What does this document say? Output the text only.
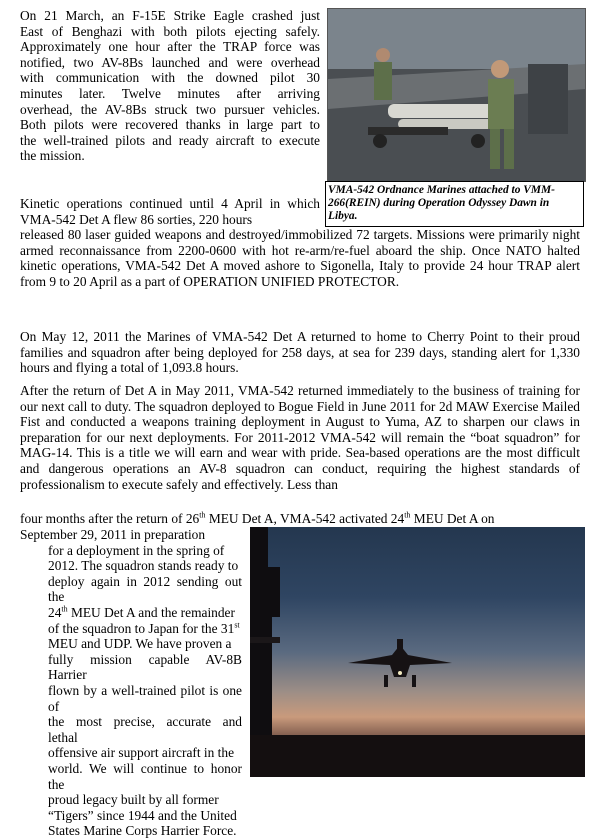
On 21 March, an F-15E Strike Eagle crashed just
East of Benghazi with both pilots ejecting safely.
Approximately one hour after the TRAP force was
notified, two AV-8Bs launched and were overhead
with communication with the downed pilot 30
minutes later. Twelve minutes after arriving
overhead, the AV-8Bs struck two pursuer vehicles.
Both pilots were recovered thanks in large part to
the well-trained pilots and ready aircraft to execute
the mission.
VMA-542 Ordnance Marines attached to VMM-266(REIN) during Operation Odyssey Dawn in Libya.
Kinetic operations continued until 4 April in which
VMA-542 Det A flew 86 sorties, 220 hours

released 80 laser guided weapons and destroyed/immobilized 72 targets. Missions were primarily night armed reconnaissance from 2200-0600 with hot re-arm/re-fuel aboard the ship. Once NATO halted kinetic operations, VMA-542 Det A moved ashore to Sigonella, Italy to provide 24 hour TRAP alert from 9 to 20 April as a part of OPERATION UNIFIED PROTECTOR.

On May 12, 2011 the Marines of VMA-542 Det A returned to home to Cherry Point to their proud families and squadron after being deployed for 258 days, at sea for 239 days, standing alert for 1,330 hours and flying a total of 1,093.8 hours.

After the return of Det A in May 2011, VMA-542 returned immediately to the business of training for our next call to duty. The squadron deployed to Bogue Field in June 2011 for 2d MAW Exercise Mailed Fist and conducted a weapons training deployment in August to Yuma, AZ to sharpen our claws in preparation for our next deployments. For 2011-2012 VMA-542 will remain the “boat squadron” for MAG-14. This is a title we will earn and wear with pride. Sea-based operations are the most difficult and dangerous operations an AV-8 squadron can conduct, requiring the highest standards of professionalism to execute safely and effectively. Less than

four months after the return of 26th MEU Det A, VMA-542 activated 24th MEU Det A on
September 29, 2011 in preparation
for a deployment in the spring of
2012. The squadron stands ready to
deploy again in 2012 sending out the
24th MEU Det A and the remainder
of the squadron to Japan for the 31st
MEU and UDP. We have proven a
fully mission capable AV-8B Harrier
flown by a well-trained pilot is one of
the most precise, accurate and lethal
offensive air support aircraft in the
world. We will continue to honor the
proud legacy built by all former
“Tigers” since 1944 and the United
States Marine Corps Harrier Force.
